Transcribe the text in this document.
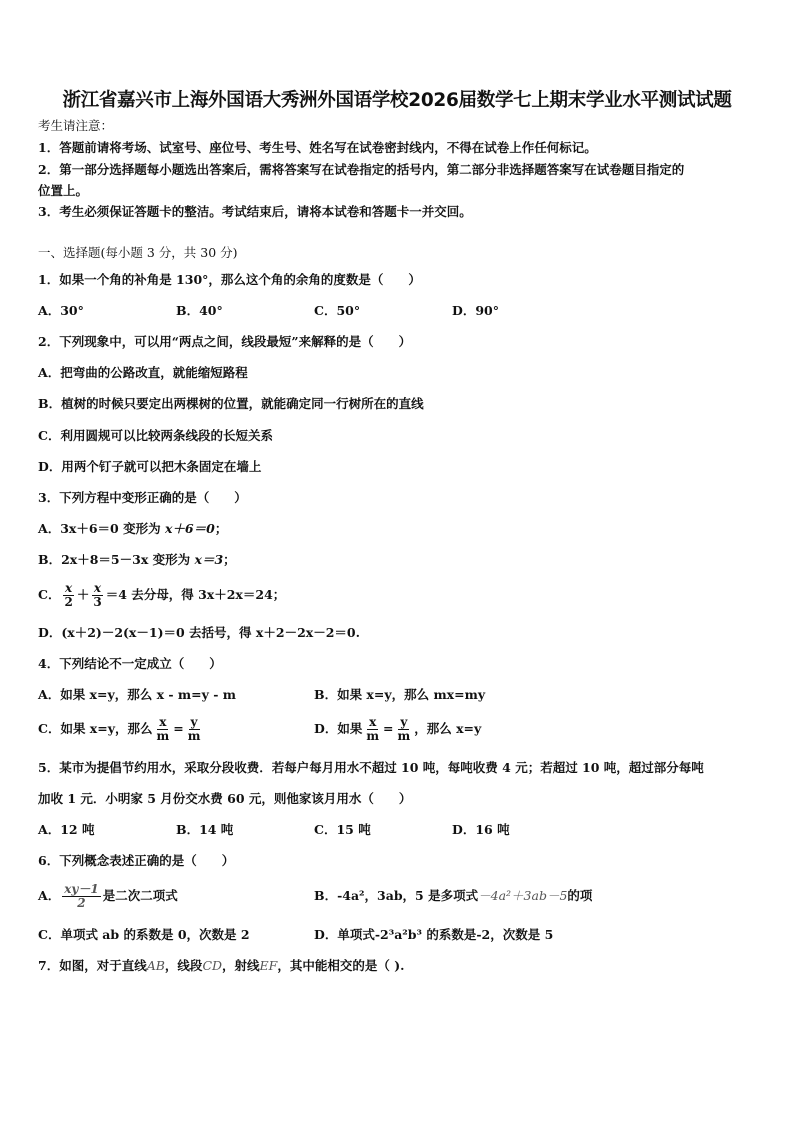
浙江省嘉兴市上海外国语大秀洲外国语学校2026届数学七上期末学业水平测试试题
考生请注意：
1．答题前请将考场、试室号、座位号、考生号、姓名写在试卷密封线内，不得在试卷上作任何标记。
2．第一部分选择题每小题选出答案后，需将答案写在试卷指定的括号内，第二部分非选择题答案写在试卷题目指定的
位置上。
3．考生必须保证答题卡的整洁。考试结束后，请将本试卷和答题卡一并交回。
一、选择题(每小题 3 分，共 30 分)
1．如果一个角的补角是 130°，那么这个角的余角的度数是（　　）
A．30°	B．40°	C．50°	D．90°
2．下列现象中，可以用“两点之间，线段最短”来解释的是（　　）
A．把弯曲的公路改直，就能缩短路程
B．植树的时候只要定出两棵树的位置，就能确定同一行树所在的直线
C．利用圆规可以比较两条线段的长短关系
D．用两个钉子就可以把木条固定在墙上
3．下列方程中变形正确的是（　　）
A．3x＋6＝0 变形为 x＋6＝0；
B．2x＋8＝5－3x 变形为 x＝3；
C． $\frac{x}{2} + \frac{x}{3} =4$ 去分母，得 3x＋2x＝24；
D．(x＋2)－2(x－1)＝0 去括号，得 x＋2－2x－2＝0.
4．下列结论不一定成立（　　）
A．如果 x=y，那么 x - m=y - m	B．如果 x=y，那么 mx=my
C．如果 x=y，那么 $\frac{x}{m} = \frac{y}{m}$	D．如果 $\frac{x}{m} = \frac{y}{m}$ ，那么 x=y
5．某市为提倡节约用水，采取分段收费．若每户每月用水不超过 10 吨，每吨收费 4 元；若超过 10 吨，超过部分每吨
加收 1 元．小明家 5 月份交水费 60 元，则他家该月用水（　　）
A．12 吨	B．14 吨	C．15 吨	D．16 吨
6．下列概念表述正确的是（　　）
A． $\frac{xy-1}{2}$ 是二次二项式	B．-4a²，3ab，5 是多项式－4a²＋3ab－5的项
C．单项式 ab 的系数是 0，次数是 2	D．单项式-2³a²b³ 的系数是-2，次数是 5
7．如图，对于直线AB，线段CD，射线EF，其中能相交的是（ ).
